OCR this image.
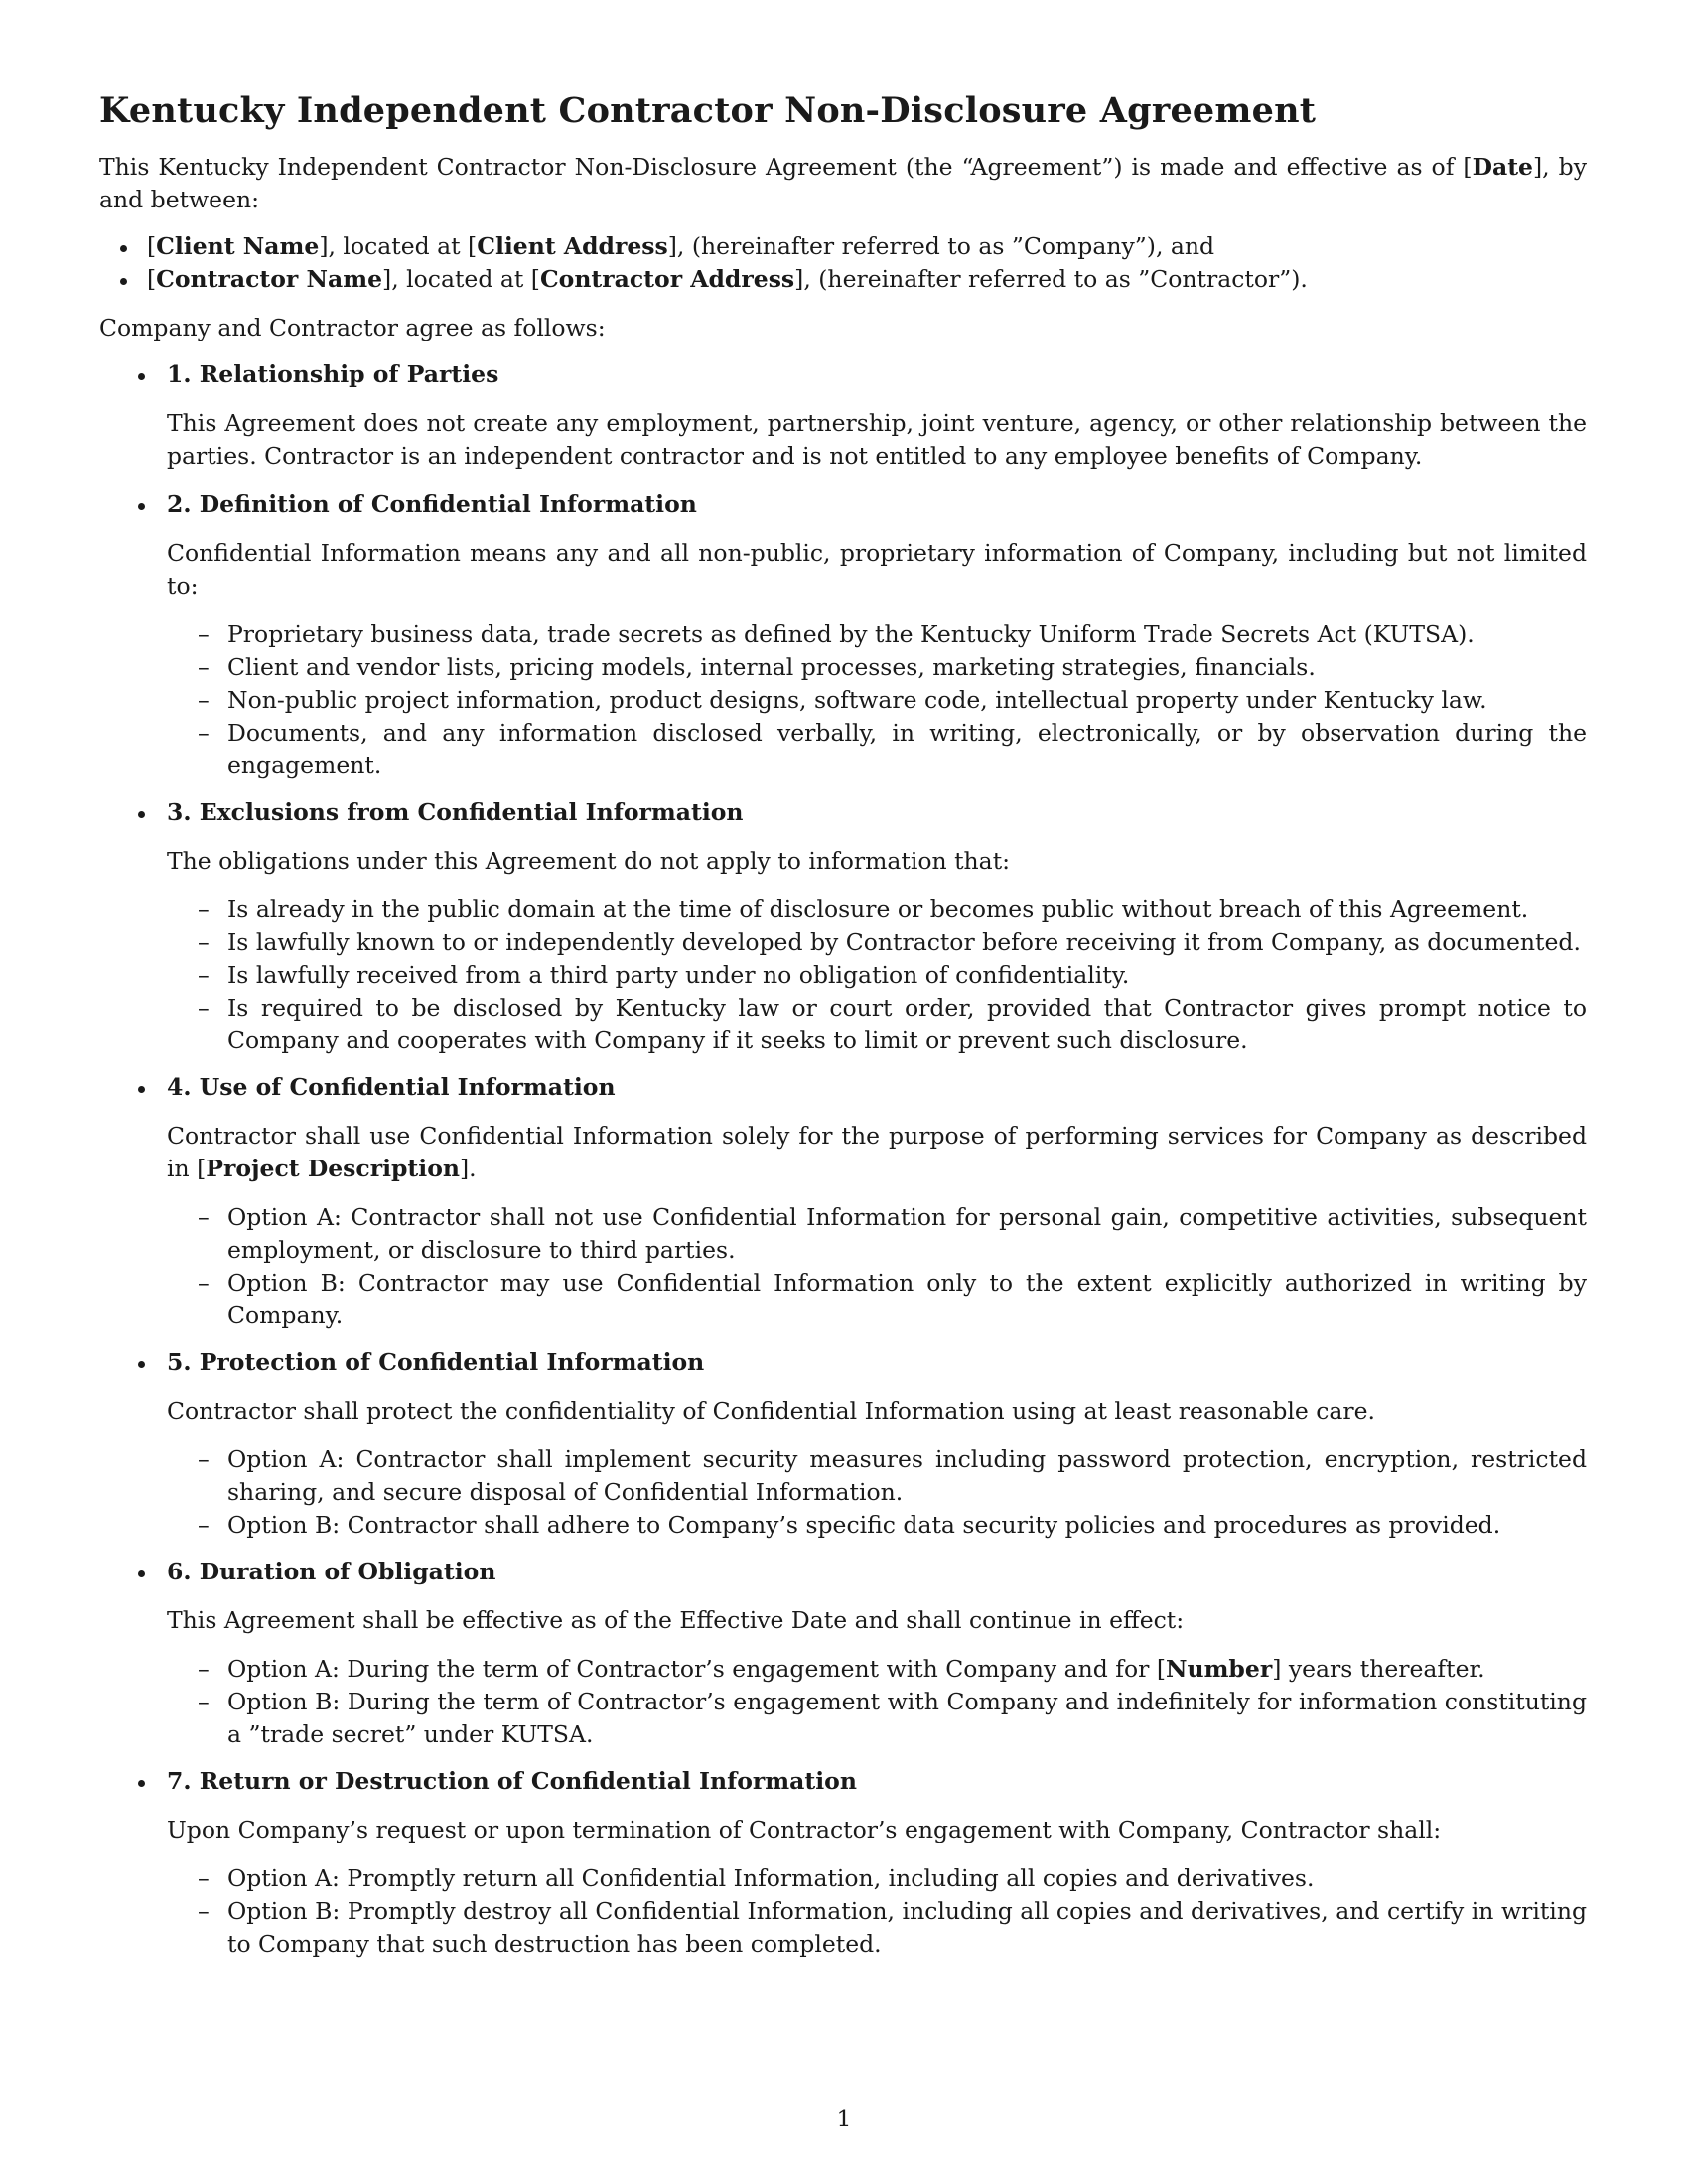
Kentucky Independent Contractor Non-Disclosure Agreement

This Kentucky Independent Contractor Non-Disclosure Agreement (the “Agreement”) is made and effective as of [Date], by and between:

[Client Name], located at [Client Address], (hereinafter referred to as ”Company”), and
[Contractor Name], located at [Contractor Address], (hereinafter referred to as ”Contractor”).

Company and Contractor agree as follows:

1. Relationship of Parties
This Agreement does not create any employment, partnership, joint venture, agency, or other relationship between the parties. Contractor is an independent contractor and is not entitled to any employee benefits of Company.
2. Definition of Confidential Information
Confidential Information means any and all non-public, proprietary information of Company, including but not limited to:
– Proprietary business data, trade secrets as defined by the Kentucky Uniform Trade Secrets Act (KUTSA).
– Client and vendor lists, pricing models, internal processes, marketing strategies, financials.
– Non-public project information, product designs, software code, intellectual property under Kentucky law.
– Documents, and any information disclosed verbally, in writing, electronically, or by observation during the engagement.
3. Exclusions from Confidential Information
The obligations under this Agreement do not apply to information that:
– Is already in the public domain at the time of disclosure or becomes public without breach of this Agreement.
– Is lawfully known to or independently developed by Contractor before receiving it from Company, as documented.
– Is lawfully received from a third party under no obligation of confidentiality.
– Is required to be disclosed by Kentucky law or court order, provided that Contractor gives prompt notice to Company and cooperates with Company if it seeks to limit or prevent such disclosure.
4. Use of Confidential Information
Contractor shall use Confidential Information solely for the purpose of performing services for Company as described in [Project Description].
– Option A: Contractor shall not use Confidential Information for personal gain, competitive activities, subsequent employment, or disclosure to third parties.
– Option B: Contractor may use Confidential Information only to the extent explicitly authorized in writing by Company.
5. Protection of Confidential Information
Contractor shall protect the confidentiality of Confidential Information using at least reasonable care.
– Option A: Contractor shall implement security measures including password protection, encryption, restricted sharing, and secure disposal of Confidential Information.
– Option B: Contractor shall adhere to Company’s specific data security policies and procedures as provided.
6. Duration of Obligation
This Agreement shall be effective as of the Effective Date and shall continue in effect:
– Option A: During the term of Contractor’s engagement with Company and for [Number] years thereafter.
– Option B: During the term of Contractor’s engagement with Company and indefinitely for information constituting a ”trade secret” under KUTSA.
7. Return or Destruction of Confidential Information
Upon Company’s request or upon termination of Contractor’s engagement with Company, Contractor shall:
– Option A: Promptly return all Confidential Information, including all copies and derivatives.
– Option B: Promptly destroy all Confidential Information, including all copies and derivatives, and certify in writing to Company that such destruction has been completed.
1
